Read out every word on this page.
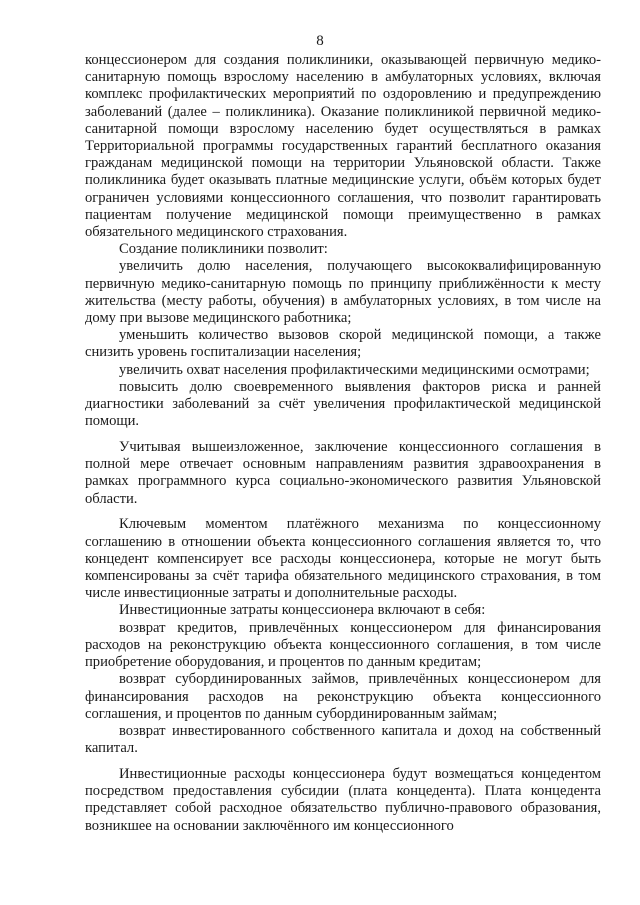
8

концессионером для создания поликлиники, оказывающей первичную медико-санитарную помощь взрослому населению в амбулаторных условиях, включая комплекс профилактических мероприятий по оздоровлению и предупреждению заболеваний (далее – поликлиника). Оказание поликлиникой первичной медико-санитарной помощи взрослому населению будет осуществляться в рамках Территориальной программы государственных гарантий бесплатного оказания гражданам медицинской помощи на территории Ульяновской области. Также поликлиника будет оказывать платные медицинские услуги, объём которых будет ограничен условиями концессионного соглашения, что позволит гарантировать пациентам получение медицинской помощи преимущественно в рамках обязательного медицинского страхования.

Создание поликлиники позволит:

увеличить долю населения, получающего высококвалифицированную первичную медико-санитарную помощь по принципу приближённости к месту жительства (месту работы, обучения) в амбулаторных условиях, в том числе на дому при вызове медицинского работника;

уменьшить количество вызовов скорой медицинской помощи, а также снизить уровень госпитализации населения;

увеличить охват населения профилактическими медицинскими осмотрами;

повысить долю своевременного выявления факторов риска и ранней диагностики заболеваний за счёт увеличения профилактической медицинской помощи.

Учитывая вышеизложенное, заключение концессионного соглашения в полной мере отвечает основным направлениям развития здравоохранения в рамках программного курса социально-экономического развития Ульяновской области.

Ключевым моментом платёжного механизма по концессионному соглашению в отношении объекта концессионного соглашения является то, что концедент компенсирует все расходы концессионера, которые не могут быть компенсированы за счёт тарифа обязательного медицинского страхования, в том числе инвестиционные затраты и дополнительные расходы.

Инвестиционные затраты концессионера включают в себя:

возврат кредитов, привлечённых концессионером для финансирования расходов на реконструкцию объекта концессионного соглашения, в том числе приобретение оборудования, и процентов по данным кредитам;

возврат субординированных займов, привлечённых концессионером для финансирования расходов на реконструкцию объекта концессионного соглашения, и процентов по данным субординированным займам;

возврат инвестированного собственного капитала и доход на собственный капитал.

Инвестиционные расходы концессионера будут возмещаться концедентом посредством предоставления субсидии (плата концедента). Плата концедента представляет собой расходное обязательство публично-правового образования, возникшее на основании заключённого им концессионного
